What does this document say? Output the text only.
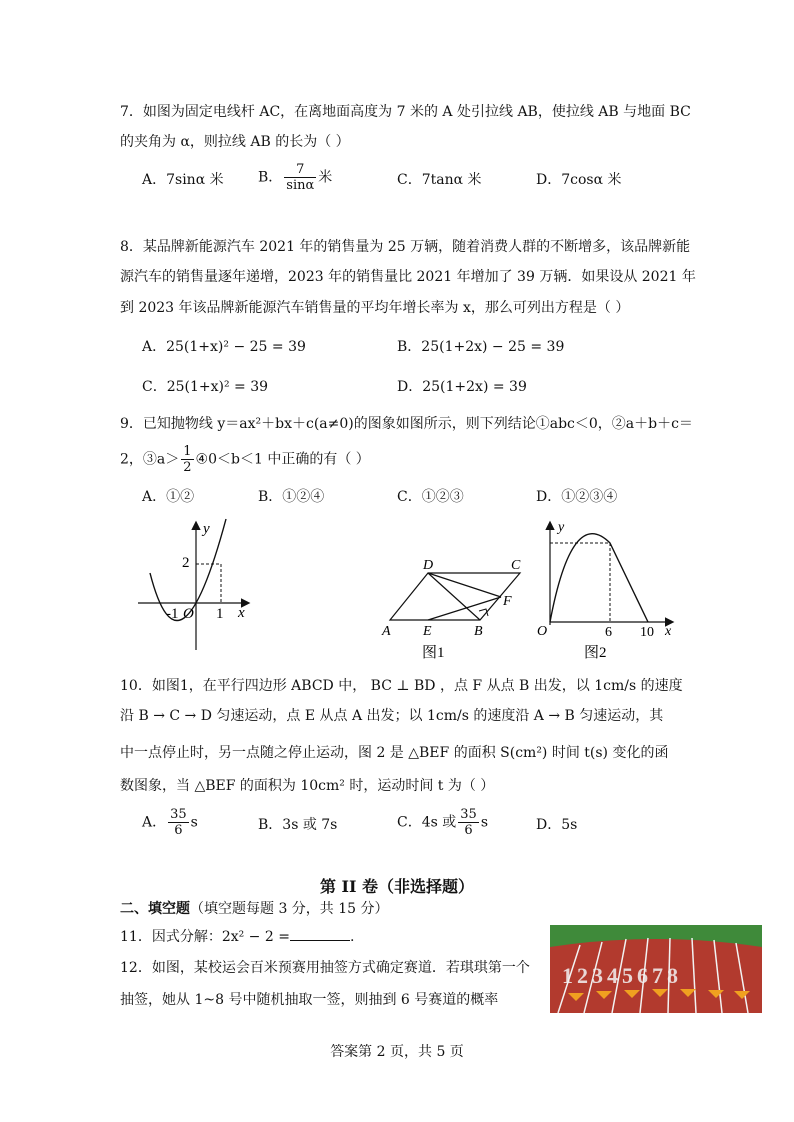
7．如图为固定电线杆 AC，在离地面高度为 7 米的 A 处引拉线 AB，使拉线 AB 与地面 BC
的夹角为 α，则拉线 AB 的长为（ ）
A．7sinα 米 B． $\frac{7}{\sin\alpha}$ 米	C．7tanα 米	D．7cosα 米
8．某品牌新能源汽车 2021 年的销售量为 25 万辆，随着消费人群的不断增多，该品牌新能
源汽车的销售量逐年递增，2023 年的销售量比 2021 年增加了 39 万辆．如果设从 2021 年
到 2023 年该品牌新能源汽车销售量的平均年增长率为 x，那么可列出方程是（ ）
A．25(1+x)² − 25 = 39	B．25(1+2x) − 25 = 39
C．25(1+x)² = 39	D．25(1+2x) = 39
9．已知抛物线 y＝ax²＋bx＋c(a≠0)的图象如图所示，则下列结论①abc＜0，②a＋b＋c＝
2，③a＞ $\frac{1}{2}$ ④0＜b＜1 中正确的有（ ）
A．①②	B．①②④	C．①②③	D．①②③④
y
x
2
O
-1	1
A E	B
D	C
F
图1
y
x
O	6 10
图2
10．如图1，在平行四边形 ABCD 中， BC ⊥ BD ，点 F 从点 B 出发，以 1cm/s 的速度
沿 B → C → D 匀速运动，点 E 从点 A 出发；以 1cm/s 的速度沿 A → B 匀速运动，其
中一点停止时，另一点随之停止运动，图 2 是 △BEF 的面积 S(cm²) 时间 t(s) 变化的函
数图象，当 △BEF 的面积为 10cm² 时，运动时间 t 为（ ）
A． $\frac{35}{6}$ s	B．3s 或 7s	C．4s 或 $\frac{35}{6}$ s	D．5s
第 II 卷（非选择题）
二、填空题（填空题每题 3 分，共 15 分）
11．因式分解：2x² − 2 =	.
12．如图，某校运会百米预赛用抽签方式确定赛道．若琪琪第一个
抽签，她从 1~8 号中随机抽取一签，则抽到 6 号赛道的概率
12345678
答案第 2 页，共 5 页
